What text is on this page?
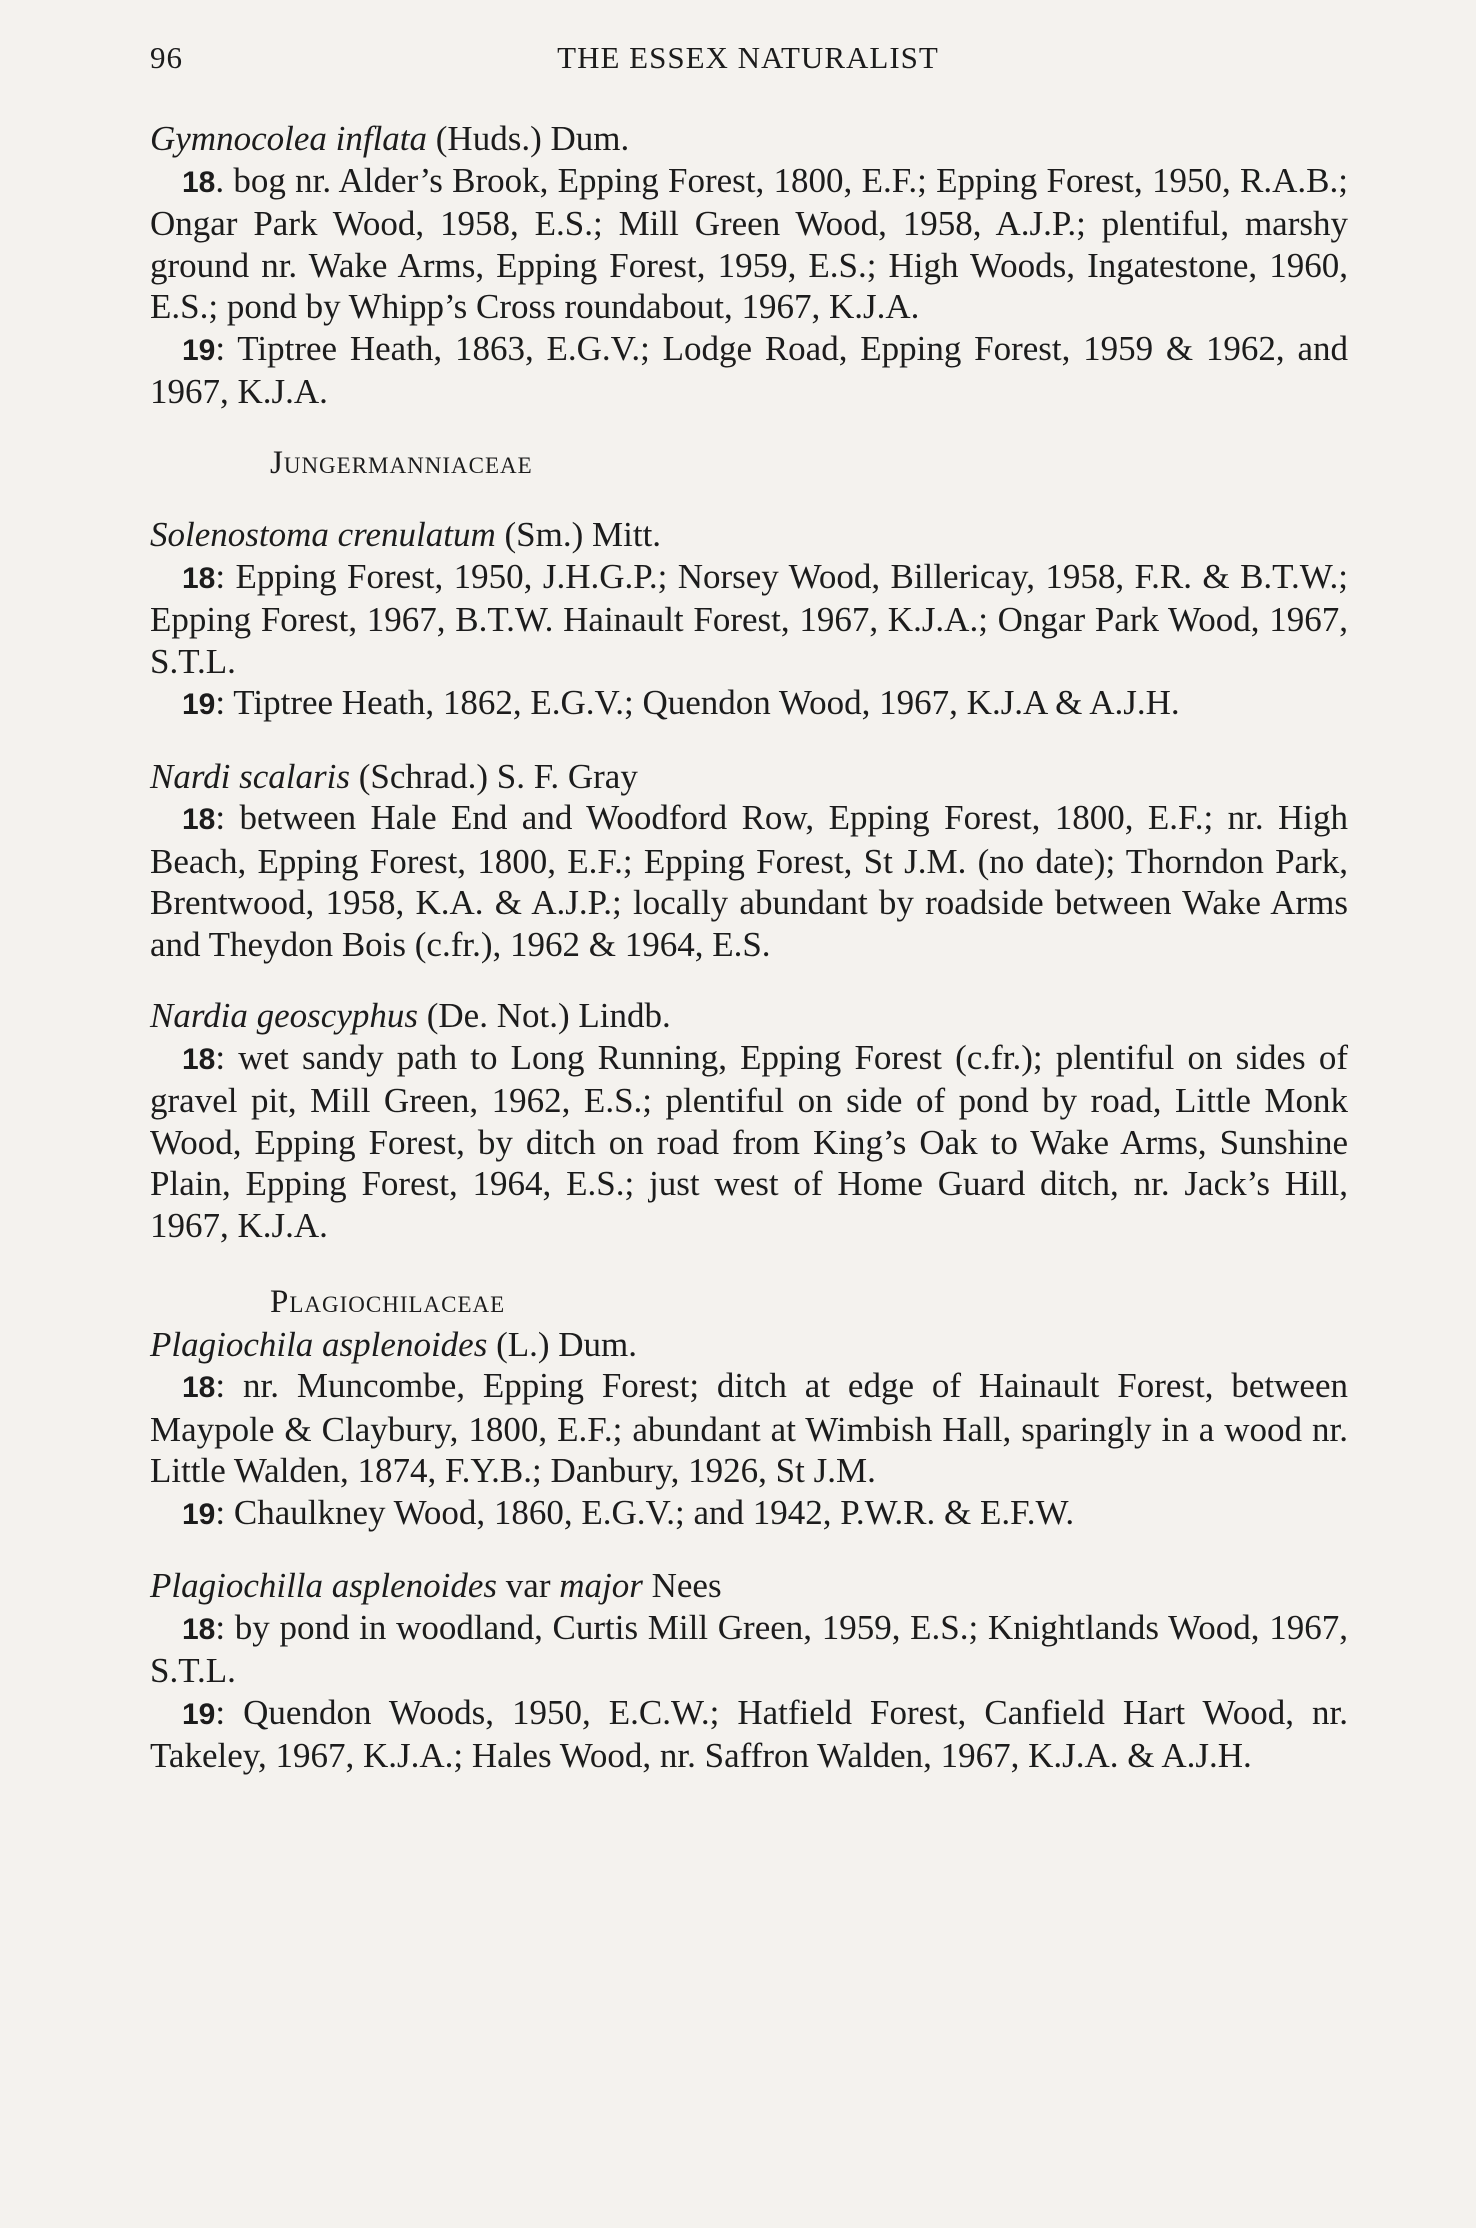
96	THE ESSEX NATURALIST

Gymnocolea inflata (Huds.) Dum.

18. bog nr. Alder’s Brook, Epping Forest, 1800, E.F.; Epping Forest, 1950, R.A.B.; Ongar Park Wood, 1958, E.S.; Mill Green Wood, 1958, A.J.P.; plentiful, marshy ground nr. Wake Arms, Epping Forest, 1959, E.S.; High Woods, Ingatestone, 1960, E.S.; pond by Whipp’s Cross roundabout, 1967, K.J.A.

19: Tiptree Heath, 1863, E.G.V.; Lodge Road, Epping Forest, 1959 & 1962, and 1967, K.J.A.

Jungermanniaceae

Solenostoma crenulatum (Sm.) Mitt.

18: Epping Forest, 1950, J.H.G.P.; Norsey Wood, Billericay, 1958, F.R. & B.T.W.; Epping Forest, 1967, B.T.W. Hainault Forest, 1967, K.J.A.; Ongar Park Wood, 1967, S.T.L.

19: Tiptree Heath, 1862, E.G.V.; Quendon Wood, 1967, K.J.A & A.J.H.

Nardi scalaris (Schrad.) S. F. Gray

18: between Hale End and Woodford Row, Epping Forest, 1800, E.F.; nr. High Beach, Epping Forest, 1800, E.F.; Epping Forest, St J.M. (no date); Thorndon Park, Brentwood, 1958, K.A. & A.J.P.; locally abundant by roadside between Wake Arms and Theydon Bois (c.fr.), 1962 & 1964, E.S.

Nardia geoscyphus (De. Not.) Lindb.

18: wet sandy path to Long Running, Epping Forest (c.fr.); plentiful on sides of gravel pit, Mill Green, 1962, E.S.; plentiful on side of pond by road, Little Monk Wood, Epping Forest, by ditch on road from King’s Oak to Wake Arms, Sunshine Plain, Epping Forest, 1964, E.S.; just west of Home Guard ditch, nr. Jack’s Hill, 1967, K.J.A.

Plagiochilaceae

Plagiochila asplenoides (L.) Dum.

18: nr. Muncombe, Epping Forest; ditch at edge of Hainault Forest, between Maypole & Claybury, 1800, E.F.; abundant at Wimbish Hall, sparingly in a wood nr. Little Walden, 1874, F.Y.B.; Danbury, 1926, St J.M.

19: Chaulkney Wood, 1860, E.G.V.; and 1942, P.W.R. & E.F.W.

Plagiochilla asplenoides var major Nees

18: by pond in woodland, Curtis Mill Green, 1959, E.S.; Knightlands Wood, 1967, S.T.L.

19: Quendon Woods, 1950, E.C.W.; Hatfield Forest, Canfield Hart Wood, nr. Takeley, 1967, K.J.A.; Hales Wood, nr. Saffron Walden, 1967, K.J.A. & A.J.H.
